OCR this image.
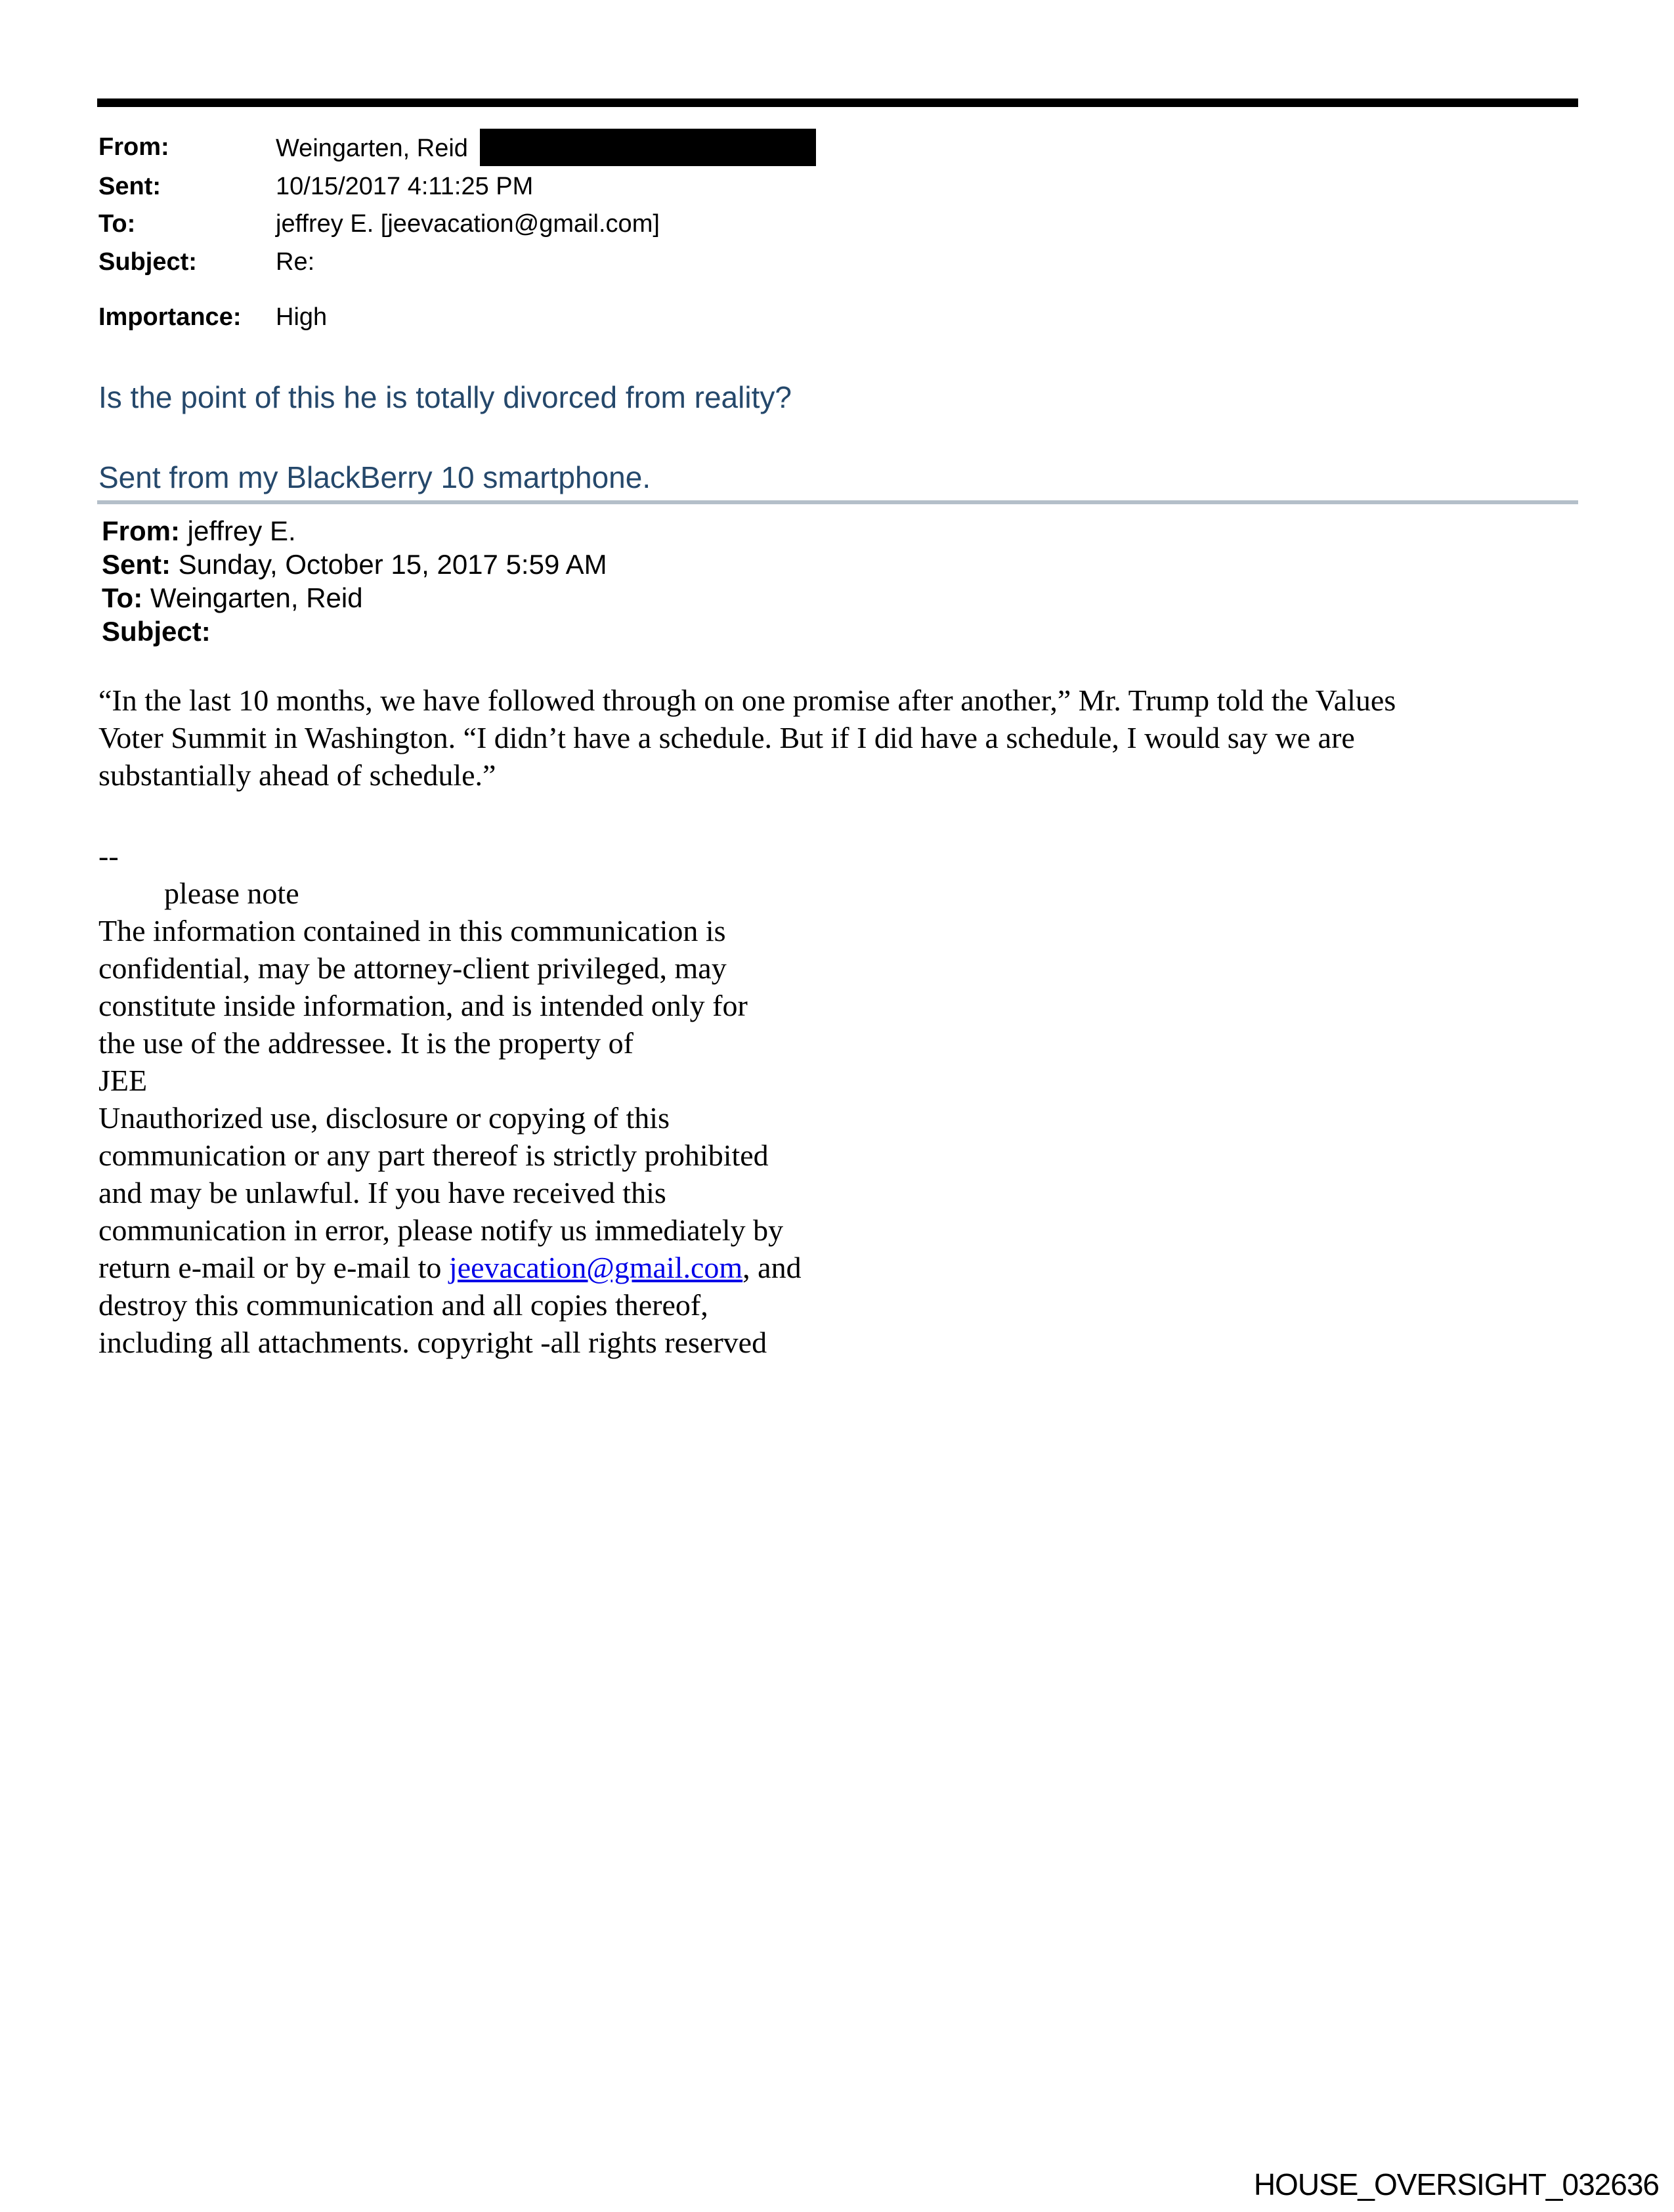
From:	Weingarten, Reid
Sent:	10/15/2017 4:11:25 PM
To:	jeffrey E. [jeevacation@gmail.com]
Subject:	Re:
Importance:	High
Is the point of this he is totally divorced from reality?
Sent from my BlackBerry 10 smartphone.
From: jeffrey E.
Sent: Sunday, October 15, 2017 5:59 AM
To: Weingarten, Reid
Subject:
“In the last 10 months, we have followed through on one promise after another,” Mr. Trump told the Values
Voter Summit in Washington. “I didn’t have a schedule. But if I did have a schedule, I would say we are
substantially ahead of schedule.”
--
please note
The information contained in this communication is
confidential, may be attorney-client privileged, may
constitute inside information, and is intended only for
the use of the addressee. It is the property of
JEE
Unauthorized use, disclosure or copying of this
communication or any part thereof is strictly prohibited
and may be unlawful. If you have received this
communication in error, please notify us immediately by
return e-mail or by e-mail to jeevacation@gmail.com, and
destroy this communication and all copies thereof,
including all attachments. copyright -all rights reserved
HOUSE_OVERSIGHT_032636
